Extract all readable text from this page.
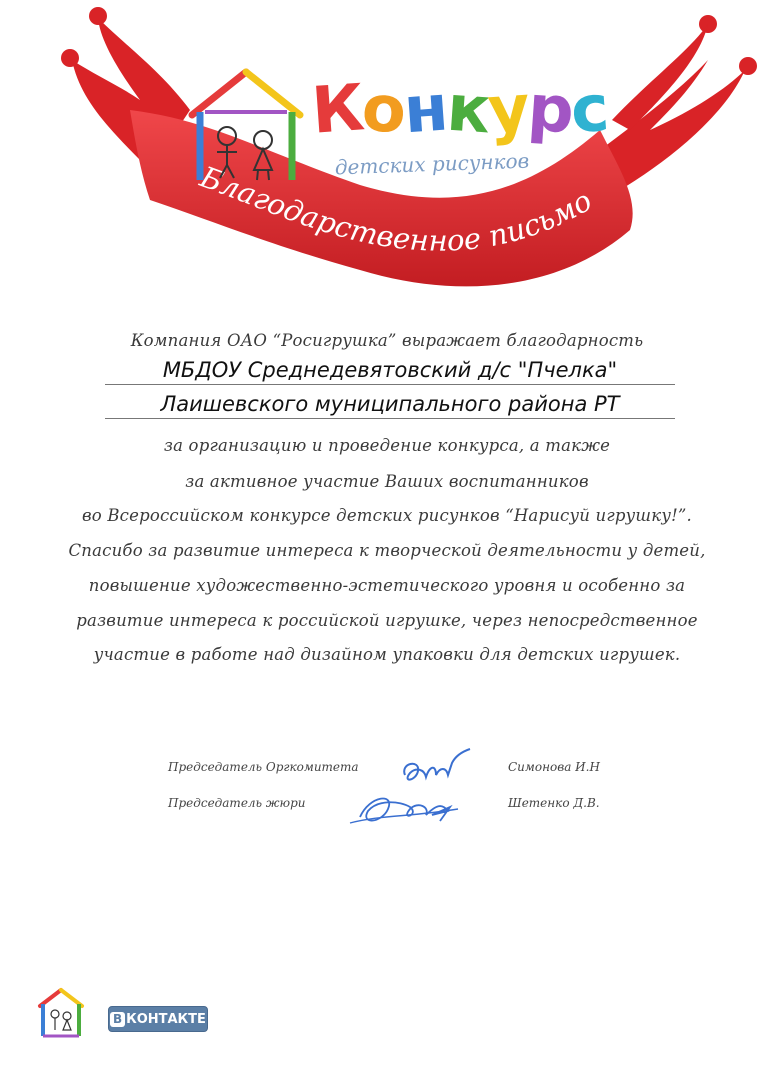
Благодарственное письмо
Конкурс
детских рисунков
Компания ОАО “Росигрушка” выражает благодарность
МБДОУ Среднедевятовский д/с "Пчелка"
Лаишевского муниципального района РТ
за организацию и проведение конкурса, а также
за активное участие Ваших воспитанников
во Всероссийском конкурсе детских рисунков “Нарисуй игрушку!”.
Спасибо за развитие интереса к творческой деятельности у детей,
повышение художественно-эстетического уровня и особенно за
развитие интереса к российской игрушке, через непосредственное
участие в работе над дизайном упаковки для детских игрушек.
Председатель Оргкомитета	Симонова И.Н
Председатель жюри	Шетенко Д.В.
В КОНТАКТЕ
